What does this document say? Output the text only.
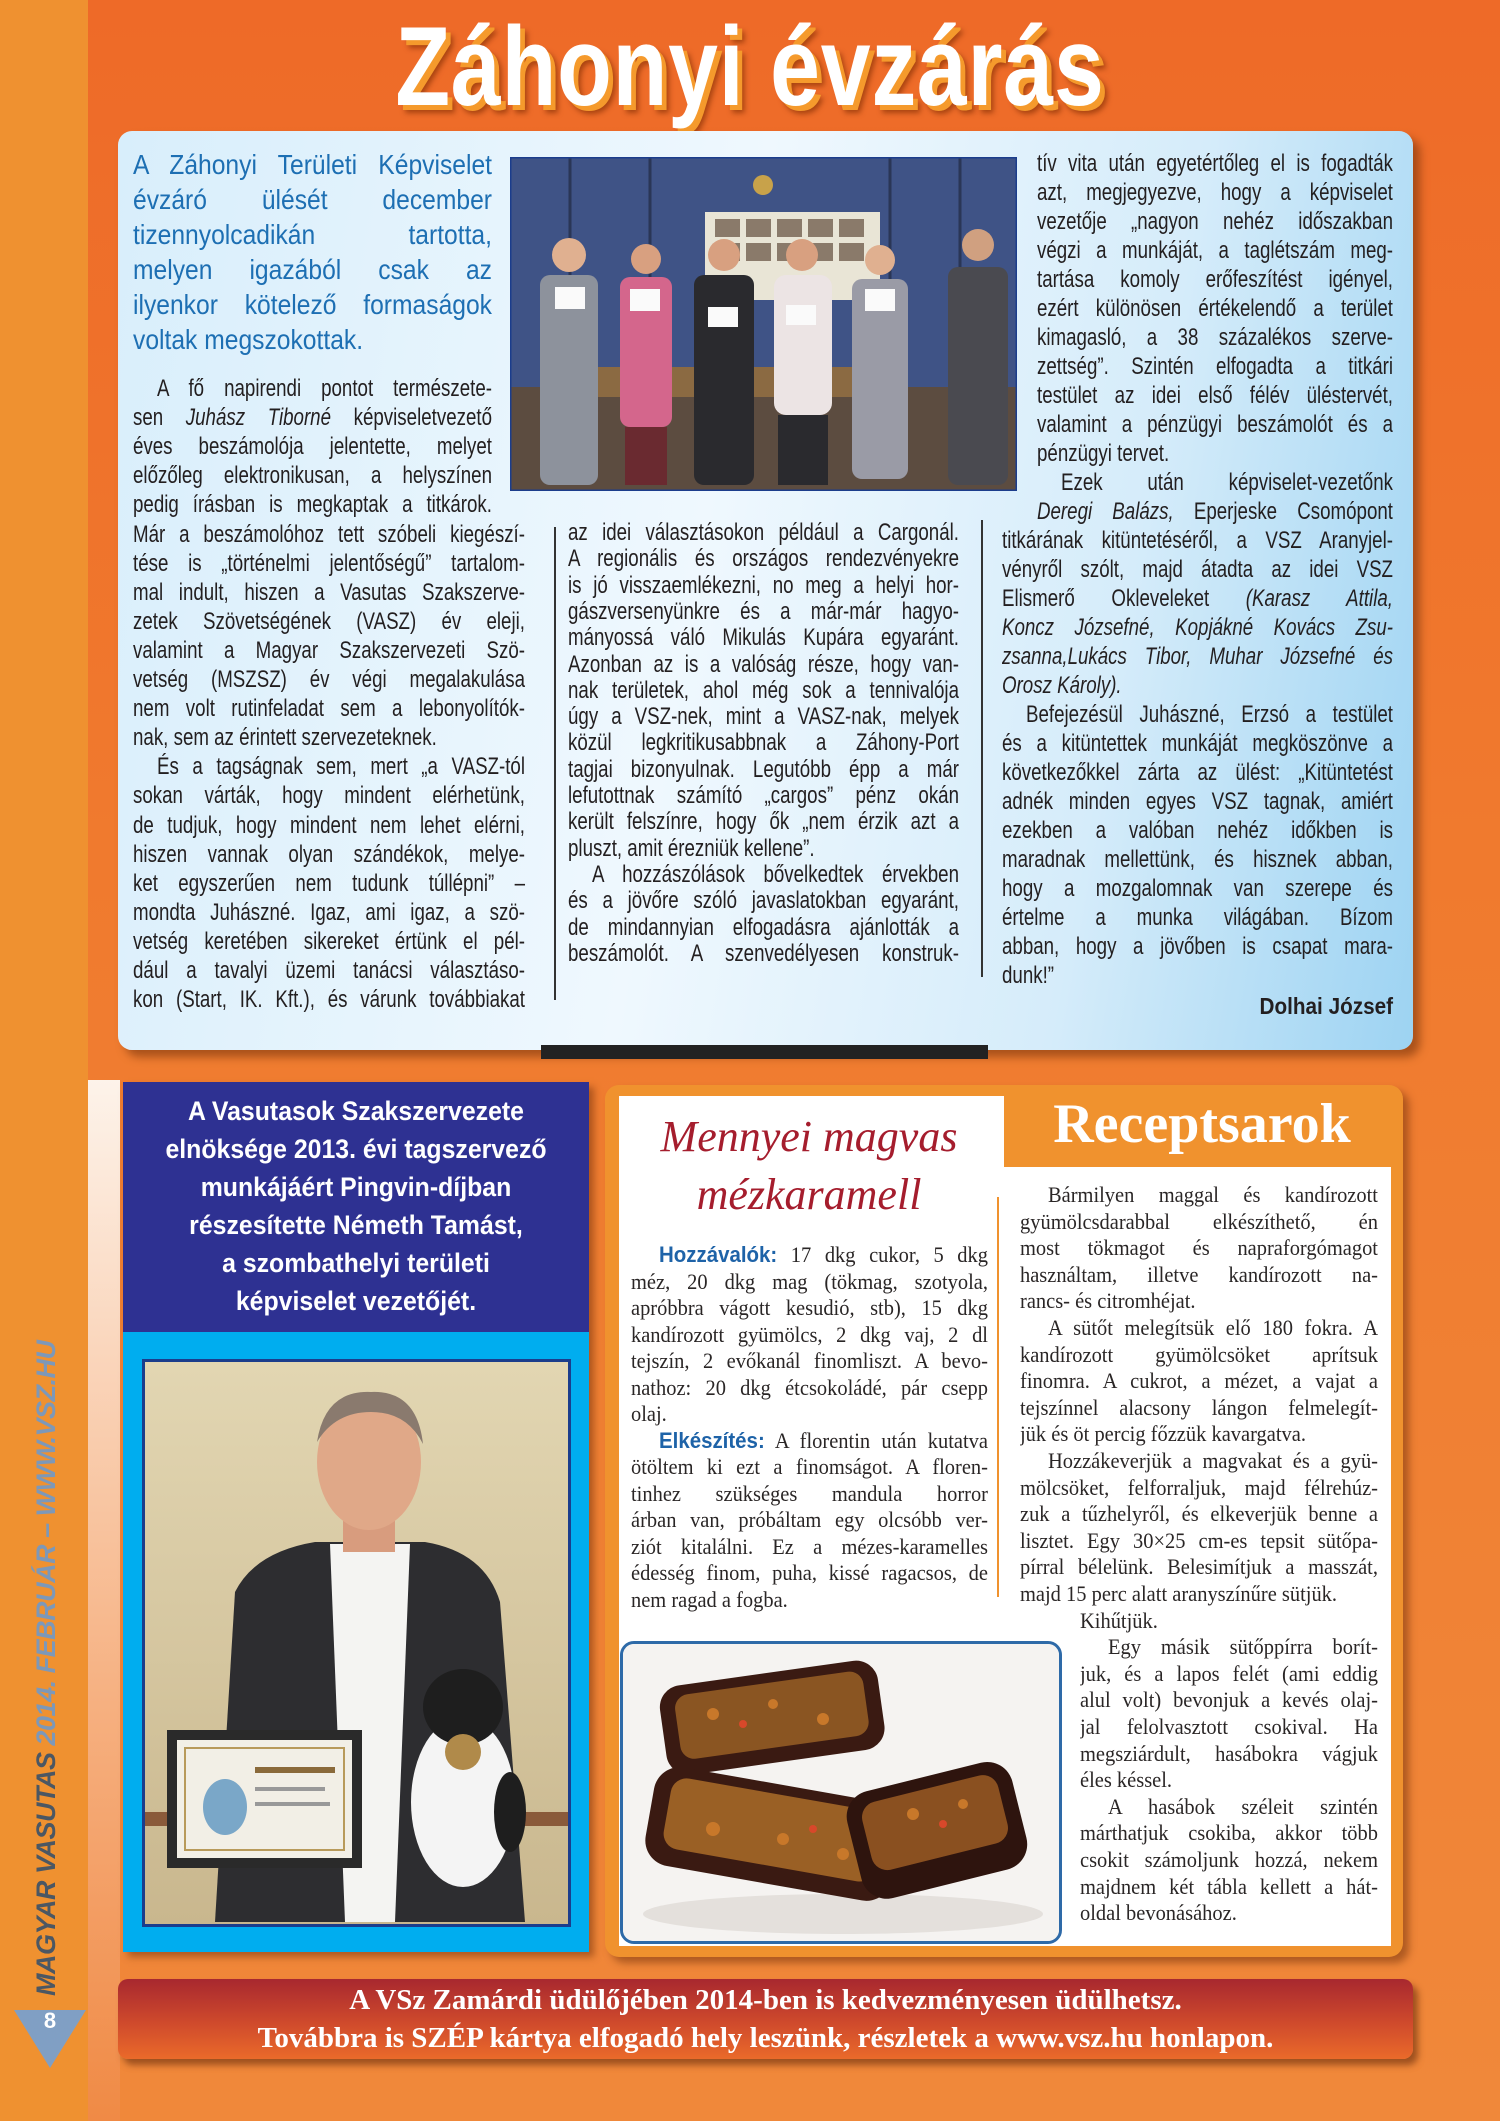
MAGYAR VASUTAS 2014. FEBRUÁR – WWW.VSZ.HU
8
Záhonyi évzárás
A Záhonyi Területi Képviselet
évzáró ülését december
tizennyolcadikán tartotta,
melyen igazából csak az
ilyenkor kötelező formaságok
voltak megszokottak.
A fő napirendi pontot természete-
sen Juhász Tiborné képviseletvezető
éves beszámolója jelentette, melyet
előzőleg elektronikusan, a helyszínen
pedig írásban is megkaptak a titkárok.
Már a beszámolóhoz tett szóbeli kiegészí-
tése is „történelmi jelentőségű” tartalom-
mal indult, hiszen a Vasutas Szakszerve-
zetek Szövetségének (VASZ) év eleji,
valamint a Magyar Szakszervezeti Szö-
vetség (MSZSZ) év végi megalakulása
nem volt rutinfeladat sem a lebonyolítók-
nak, sem az érintett szervezeteknek.
És a tagságnak sem, mert „a VASZ-tól
sokan várták, hogy mindent elérhetünk,
de tudjuk, hogy mindent nem lehet elérni,
hiszen vannak olyan szándékok, melye-
ket egyszerűen nem tudunk túllépni” –
mondta Juhászné. Igaz, ami igaz, a szö-
vetség keretében sikereket értünk el pél-
dául a tavalyi üzemi tanácsi választáso-
kon (Start, IK. Kft.), és várunk továbbiakat
az idei választásokon például a Cargonál.
A regionális és országos rendezvényekre
is jó visszaemlékezni, no meg a helyi hor-
gászversenyünkre és a már-már hagyo-
mányossá váló Mikulás Kupára egyaránt.
Azonban az is a valóság része, hogy van-
nak területek, ahol még sok a tennivalója
úgy a VSZ-nek, mint a VASZ-nak, melyek
közül legkritikusabbnak a Záhony-Port
tagjai bizonyulnak. Legutóbb épp a már
lefutottnak számító „cargos” pénz okán
került felszínre, hogy ők „nem érzik azt a
pluszt, amit érezniük kellene”.
A hozzászólások bővelkedtek érvekben
és a jövőre szóló javaslatokban egyaránt,
de mindannyian elfogadásra ajánlották a
beszámolót. A szenvedélyesen konstruk-
tív vita után egyetértőleg el is fogadták
azt, megjegyezve, hogy a képviselet
vezetője „nagyon nehéz időszakban
végzi a munkáját, a taglétszám meg-
tartása komoly erőfeszítést igényel,
ezért különösen értékelendő a terület
kimagasló, a 38 százalékos szerve-
zettség”. Szintén elfogadta a titkári
testület az idei első félév üléstervét,
valamint a pénzügyi beszámolót és a
pénzügyi tervet.
Ezek után képviselet-vezetőnk
Deregi Balázs, Eperjeske Csomópont
titkárának kitüntetéséről, a VSZ Aranyjel-
vényről szólt, majd átadta az idei VSZ
Elismerő Okleveleket (Karasz Attila,
Koncz Józsefné, Kopjákné Kovács Zsu-
zsanna,Lukács Tibor, Muhar Józsefné és
Orosz Károly).
Befejezésül Juhászné, Erzsó a testület
és a kitüntettek munkáját megköszönve a
következőkkel zárta az ülést: „Kitüntetést
adnék minden egyes VSZ tagnak, amiért
ezekben a valóban nehéz időkben is
maradnak mellettünk, és hisznek abban,
hogy a mozgalomnak van szerepe és
értelme a munka világában. Bízom
abban, hogy a jövőben is csapat mara-
dunk!”
Dolhai József
A Vasutasok Szakszervezete
elnöksége 2013. évi tagszervező
munkájáért Pingvin-díjban
részesítette Németh Tamást,
a szombathelyi területi
képviselet vezetőjét.
Receptsarok
Mennyei magvas
mézkaramell
Hozzávalók: 17 dkg cukor, 5 dkg
méz, 20 dkg mag (tökmag, szotyola,
apróbbra vágott kesudió, stb), 15 dkg
kandírozott gyümölcs, 2 dkg vaj, 2 dl
tejszín, 2 evőkanál finomliszt. A bevo-
nathoz: 20 dkg étcsokoládé, pár csepp
olaj.
Elkészítés: A florentin után kutatva
ötöltem ki ezt a finomságot. A floren-
tinhez szükséges mandula horror
árban van, próbáltam egy olcsóbb ver-
ziót kitalálni. Ez a mézes-karamelles
édesség finom, puha, kissé ragacsos, de
nem ragad a fogba.
Bármilyen maggal és kandírozott
gyümölcsdarabbal elkészíthető, én
most tökmagot és napraforgómagot
használtam, illetve kandírozott na-
rancs- és citromhéjat.
A sütőt melegítsük elő 180 fokra. A
kandírozott gyümölcsöket aprítsuk
finomra. A cukrot, a mézet, a vajat a
tejszínnel alacsony lángon felmelegít-
jük és öt percig főzzük kavargatva.
Hozzákeverjük a magvakat és a gyü-
mölcsöket, felforraljuk, majd félrehúz-
zuk a tűzhelyről, és elkeverjük benne a
lisztet. Egy 30×25 cm-es tepsit sütőpa-
pírral bélelünk. Belesimítjuk a masszát,
majd 15 perc alatt aranyszínűre sütjük.
Kihűtjük.
Egy másik sütőppírra borít-
juk, és a lapos felét (ami eddig
alul volt) bevonjuk a kevés olaj-
jal felolvasztott csokival. Ha
megsziárdult, hasábokra vágjuk
éles késsel.
A hasábok széleit szintén
márthatjuk csokiba, akkor több
csokit számoljunk hozzá, nekem
majdnem két tábla kellett a hát-
oldal bevonásához.
A VSz Zamárdi üdülőjében 2014-ben is kedvezményesen üdülhetsz.
Továbbra is SZÉP kártya elfogadó hely leszünk, részletek a www.vsz.hu honlapon.
